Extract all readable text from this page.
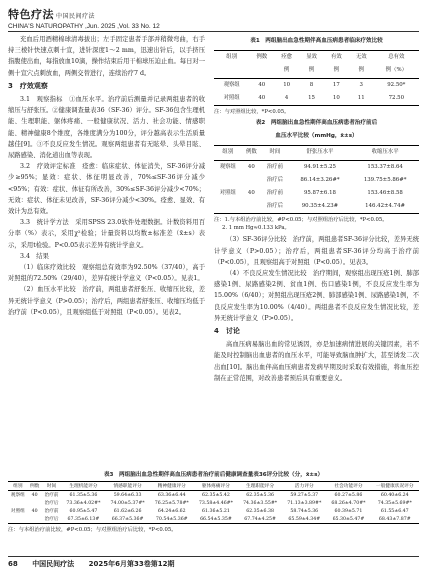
特色疗法 中国民间疗法
CHINA'S NATUROPATHY ,Jun. 2025 ,Vol. 33 No. 12

充血后用酒精棉球清毒拔出；左手固定患者手部并稍微弯曲，右手持三棱针快速点刺十宣，进针深度1～2 mm，迅速出针后，以手挤压指腹使出血，每指放血10滴，操作结束后用干棉球压迫止血。每日对一侧十宣穴点刺放血，两侧交替进行，连续治疗7 d。

3　疗效观察

3.1　观察指标　①血压水平。治疗前后测量并记录两组患者的收缩压与舒张压。②健康调查量表36（SF-36）评分。SF-36包含生理机能、生理职能、躯体疼痛、一般健康状况、活力、社会功能、情感职能、精神健康8个维度，各维度满分为100分，评分越高表示生活质量越佳[9]。③不良反应发生情况。观察两组患者有无眩晕、头晕目眩、尿路感染、消化道出血等表现。

3.2　疗效评定标准　痊愈：临床症状、体征消失，SF-36评分减少≥95%；显效：症状、体征明显改善，70%≤SF-36评分减少<95%；有效：症状、体征有所改善，30%≤SF-36评分减少<70%；无效：症状、体征未见改善，SF-36评分减少<30%。痊愈、显效、有效计为总有效。

3.3　统计学方法　采用SPSS 23.0软件处理数据。计数资料用百分率（%）表示，采用χ²检验；计量资料以均数±标准差（x̄±s）表示，采用t检验。P<0.05表示差异有统计学意义。

3.4　结果

（1）临床疗效比较　观察组总有效率为92.50%（37/40），高于对照组的72.50%（29/40），差异有统计学意义（P<0.05）。见表1。

（2）血压水平比较　治疗前，两组患者舒张压、收缩压比较，差异无统计学意义（P>0.05）；治疗后，两组患者舒张压、收缩压均低于治疗前（P<0.05），且观察组低于对照组（P<0.05）。见表2。

表1　两组脑出血急性期伴高血压病患者临床疗效比较
组别	例数	痊愈	显效	有效	无效	总有效
		例	例	例	例	例（%）
观察组	40	10	8	17	3	92.50*
对照组	40	4	15	10	11	72.50
注：与对照组比较，*P<0.05。
表2　两组脑出血急性期伴高血压病患者治疗前后
血压水平比较（mmHg，x̄±s）
组别	例数	时间	舒张压水平	收缩压水平
观察组	40	治疗前	94.91±5.25	153.37±8.64
		治疗后	86.14±3.26#*	139.75±5.86#*
对照组	40	治疗前	95.87±6.18	153.46±8.58
		治疗后	90.35±4.23#	146.42±4.74#
注：1.与本组治疗前比较，#P<0.05；与对照组治疗后比较，*P<0.05。
2. 1 mm Hg≈0.133 kPa。

（3）SF-36评分比较　治疗前，两组患者SF-36评分比较，差异无统计学意义（P>0.05）；治疗后，两组患者SF-36评分均高于治疗前（P<0.05），且观察组高于对照组（P<0.05）。见表3。

（4）不良反应发生情况比较　治疗期间，观察组出现压疮1例、肺部感染1例、尿路感染2例、贫血1例、伤口感染1例，不良反应发生率为15.00%（6/40）；对照组出现压疮2例、肺部感染1例、尿路感染1例，不良反应发生率为10.00%（4/40）。两组患者不良反应发生情况比较，差异无统计学意义（P>0.05）。

4　讨论

高血压病易脑出血的常见诱因，亦是加速病情进展的关键因素，若不能及时控制脑出血患者的血压水平，可能导致脑血肿扩大，甚至诱发二次出血[10]。脑出血伴高血压病患者发病早期及时采取有效措施，将血压控制在正常范围，对改善患者预后具有重要意义。

表3　两组脑出血急性期伴高血压病患者治疗前后健康调查量表36评分比较（分，x̄±s）
组别	例数	时间	生理机能评分	情感职能评分	精神健康评分	躯体疼痛评分	生理职能评分	活力评分	社会功能评分	一般健康状况评分
观察组	40	治疗前	61.35±5.36	59.64±6.33	63.36±6.44	62.35±5.42	62.35±5.36	59.27±5.37	60.27±5.86	60.40±6.24
		治疗后	73.36±4.02#*	74.00±5.37#*	76.25±5.78#*	73.58±4.46#*	74.36±3.55#*	71.13±3.89#*	68.26±4.70#*	74.35±5.69#*
对照组	40	治疗前	60.95±5.47	61.62±6.26	64.24±6.62	61.36±5.21	62.35±6.38	58.74±5.36	60.39±5.71	61.55±6.47
		治疗后	67.35±6.13#	66.37±5.36#	70.54±5.36#	66.54±5.35#	67.74±4.25#	65.59±4.34#	65.30±5.47#	68.43±7.87#
注：与本组治疗前比较，#P<0.05；与对照组治疗后比较，*P<0.05。
68 中国民间疗法 2025年6月第33卷第12期
